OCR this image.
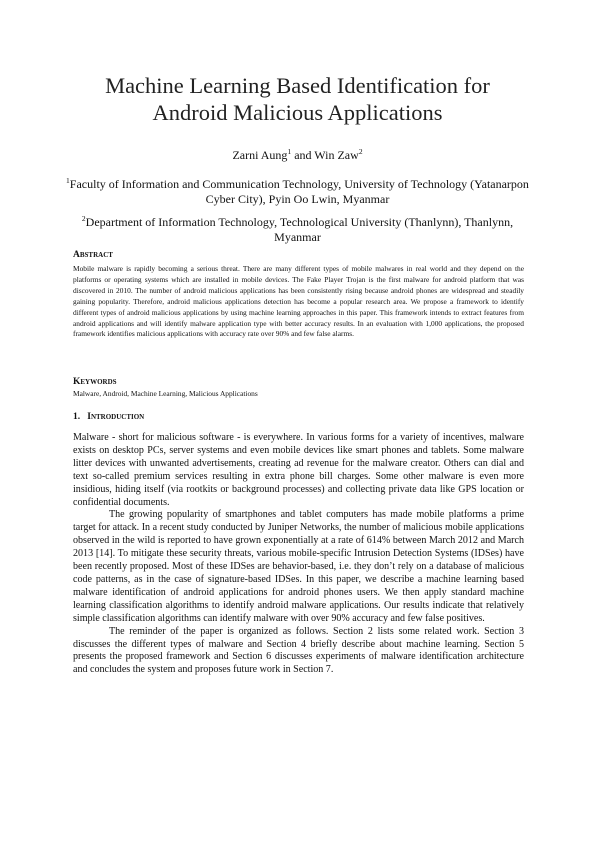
Machine Learning Based Identification for
Android Malicious Applications
Zarni Aung$^1$ and Win Zaw$^2$
$^1$Faculty of Information and Communication Technology, University of Technology (Yatanarpon Cyber City), Pyin Oo Lwin, Myanmar
$^2$Department of Information Technology, Technological University (Thanlynn), Thanlynn, Myanmar
Abstract
Mobile malware is rapidly becoming a serious threat. There are many different types of mobile malwares in real world and they depend on the platforms or operating systems which are installed in mobile devices. The Fake Player Trojan is the first malware for android platform that was discovered in 2010. The number of android malicious applications has been consistently rising because android phones are widespread and steadily gaining popularity. Therefore, android malicious applications detection has become a popular research area. We propose a framework to identify different types of android malicious applications by using machine learning approaches in this paper. This framework intends to extract features from android applications and will identify malware application type with better accuracy results. In an evaluation with 1,000 applications, the proposed framework identifies malicious applications with accuracy rate over 90% and few false alarms.
Keywords
Malware, Android, Machine Learning, Malicious Applications
1. Introduction

Malware - short for malicious software - is everywhere. In various forms for a variety of incentives, malware exists on desktop PCs, server systems and even mobile devices like smart phones and tablets. Some malware litter devices with unwanted advertisements, creating ad revenue for the malware creator. Others can dial and text so-called premium services resulting in extra phone bill charges. Some other malware is even more insidious, hiding itself (via rootkits or background processes) and collecting private data like GPS location or confidential documents.

The growing popularity of smartphones and tablet computers has made mobile platforms a prime target for attack. In a recent study conducted by Juniper Networks, the number of malicious mobile applications observed in the wild is reported to have grown exponentially at a rate of 614% between March 2012 and March 2013 [14]. To mitigate these security threats, various mobile-specific Intrusion Detection Systems (IDSes) have been recently proposed. Most of these IDSes are behavior-based, i.e. they don’t rely on a database of malicious code patterns, as in the case of signature-based IDSes. In this paper, we describe a machine learning based malware identification of android applications for android phones users. We then apply standard machine learning classification algorithms to identify android malware applications. Our results indicate that relatively simple classification algorithms can identify malware with over 90% accuracy and few false positives.

The reminder of the paper is organized as follows. Section 2 lists some related work. Section 3 discusses the different types of malware and Section 4 briefly describe about machine learning. Section 5 presents the proposed framework and Section 6 discusses experiments of malware identification architecture and concludes the system and proposes future work in Section 7.
